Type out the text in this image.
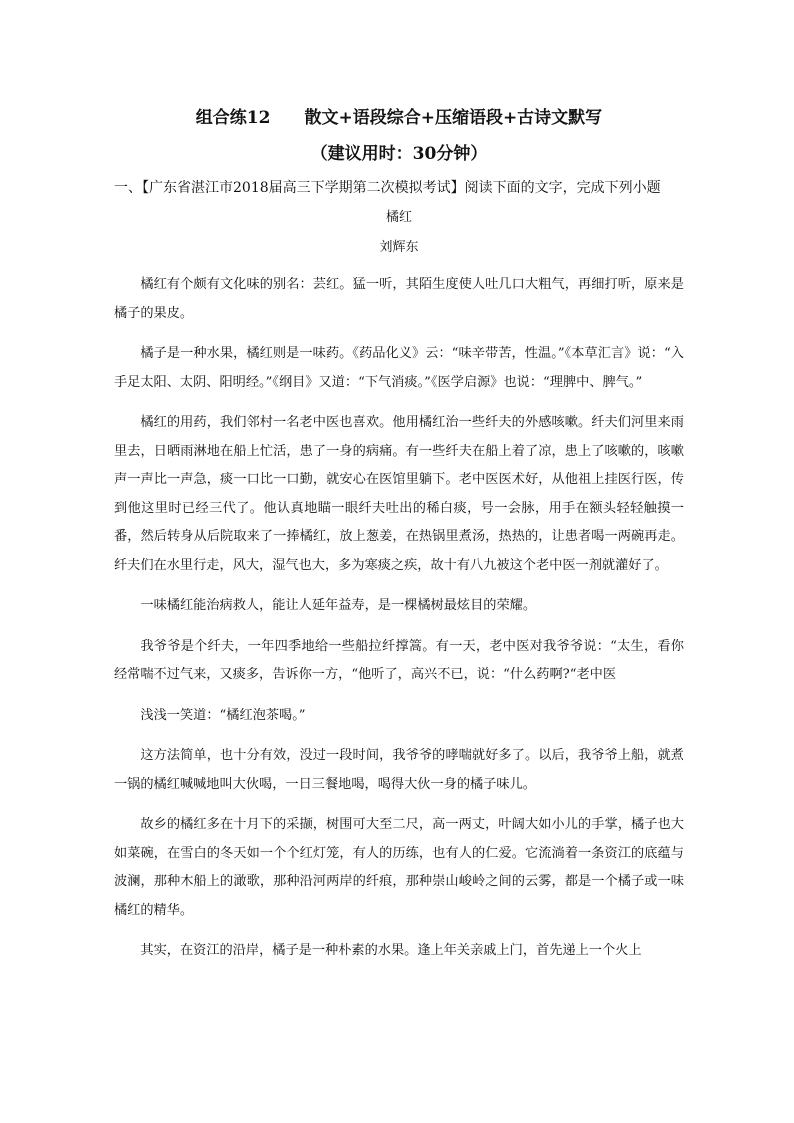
组合练12　　散文+语段综合+压缩语段+古诗文默写
（建议用时：30分钟）
一、【广东省湛江市2018届高三下学期第二次模拟考试】阅读下面的文字，完成下列小题
橘红
刘辉东

橘红有个颇有文化味的别名：芸红。猛一听，其陌生度使人吐几口大粗气，再细打听，原来是橘子的果皮。

橘子是一种水果，橘红则是一味药。《药品化义》云：“味辛带苦，性温。”《本草汇言》说：“入手足太阳、太阴、阳明经。”《纲目》又道：“下气消痰。”《医学启源》也说：“理脾中、脾气。”

橘红的用药，我们邻村一名老中医也喜欢。他用橘红治一些纤夫的外感咳嗽。纤夫们河里来雨里去，日晒雨淋地在船上忙活，患了一身的病痛。有一些纤夫在船上着了凉，患上了咳嗽的，咳嗽声一声比一声急，痰一口比一口勤，就安心在医馆里躺下。老中医医术好，从他祖上挂医行医，传到他这里时已经三代了。他认真地瞄一眼纤夫吐出的稀白痰，号一会脉，用手在额头轻轻触摸一番，然后转身从后院取来了一捧橘红，放上葱姜，在热锅里煮汤，热热的，让患者喝一两碗再走。纤夫们在水里行走，风大，湿气也大，多为寒痰之疾，故十有八九被这个老中医一剂就灌好了。

一味橘红能治病救人，能让人延年益寿，是一棵橘树最炫目的荣耀。

我爷爷是个纤夫，一年四季地给一些船拉纤撑篙。有一天，老中医对我爷爷说：“太生，看你经常喘不过气来，又痰多，告诉你一方，“他听了，高兴不已，说：“什么药啊?“老中医

浅浅一笑道：“橘红泡茶喝。”

这方法简单，也十分有效，没过一段时间，我爷爷的哮喘就好多了。以后，我爷爷上船，就煮一锅的橘红喊喊地叫大伙喝，一日三餐地喝，喝得大伙一身的橘子味儿。

故乡的橘红多在十月下的采撷，树围可大至二尺，高一两丈，叶阔大如小儿的手掌，橘子也大如菜碗，在雪白的冬天如一个个红灯笼，有人的历练，也有人的仁爱。它流淌着一条资江的底蕴与波澜，那种木船上的澉歌，那种沿河两岸的纤痕，那种崇山峻岭之间的云雾，都是一个橘子或一味橘红的精华。

其实，在资江的沿岸，橘子是一种朴素的水果。逢上年关亲戚上门，首先递上一个火上
